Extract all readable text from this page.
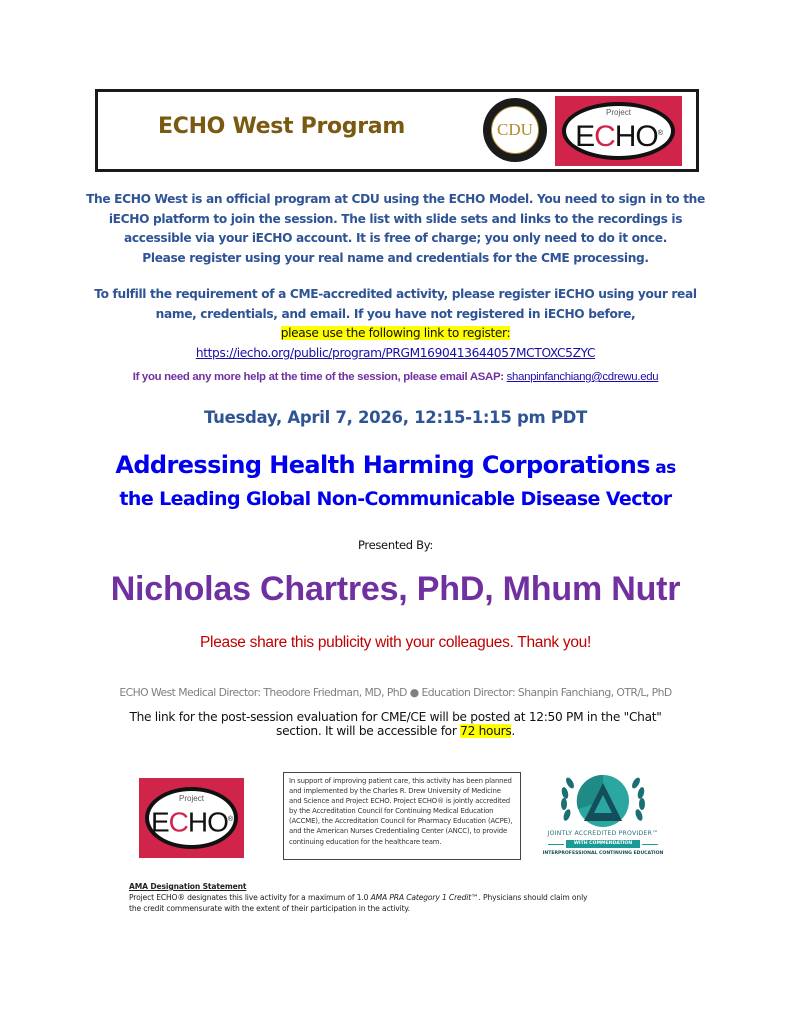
ECHO West Program	CDU
Project
ECHO®
The ECHO West is an official program at CDU using the ECHO Model. You need to sign in to the
iECHO platform to join the session. The list with slide sets and links to the recordings is
accessible via your iECHO account. It is free of charge; you only need to do it once.
Please register using your real name and credentials for the CME processing.
To fulfill the requirement of a CME-accredited activity, please register iECHO using your real
name, credentials, and email. If you have not registered in iECHO before,
please use the following link to register:
https://iecho.org/public/program/PRGM1690413644057MCTOXC5ZYC
If you need any more help at the time of the session, please email ASAP: shanpinfanchiang@cdrewu.edu
Tuesday, April 7, 2026, 12:15-1:15 pm PDT
Addressing Health Harming Corporations as
the Leading Global Non-Communicable Disease Vector
Presented By:
Nicholas Chartres, PhD, Mhum Nutr
Please share this publicity with your colleagues. Thank you!
ECHO West Medical Director: Theodore Friedman, MD, PhD ● Education Director: Shanpin Fanchiang, OTR/L, PhD
The link for the post-session evaluation for CME/CE will be posted at 12:50 PM in the "Chat"
section. It will be accessible for 72 hours.
Project
ECHO®
In support of improving patient care, this activity has been planned and implemented by the Charles R. Drew University of Medicine and Science and Project ECHO. Project ECHO® is jointly accredited by the Accreditation Council for Continuing Medical Education (ACCME), the Accreditation Council for Pharmacy Education (ACPE), and the American Nurses Credentialing Center (ANCC), to provide continuing education for the healthcare team.
JOINTLY ACCREDITED PROVIDER™
WITH COMMENDATION
INTERPROFESSIONAL CONTINUING EDUCATION
AMA Designation Statement
Project ECHO® designates this live activity for a maximum of 1.0 AMA PRA Category 1 Credit™. Physicians should claim only
the credit commensurate with the extent of their participation in the activity.
